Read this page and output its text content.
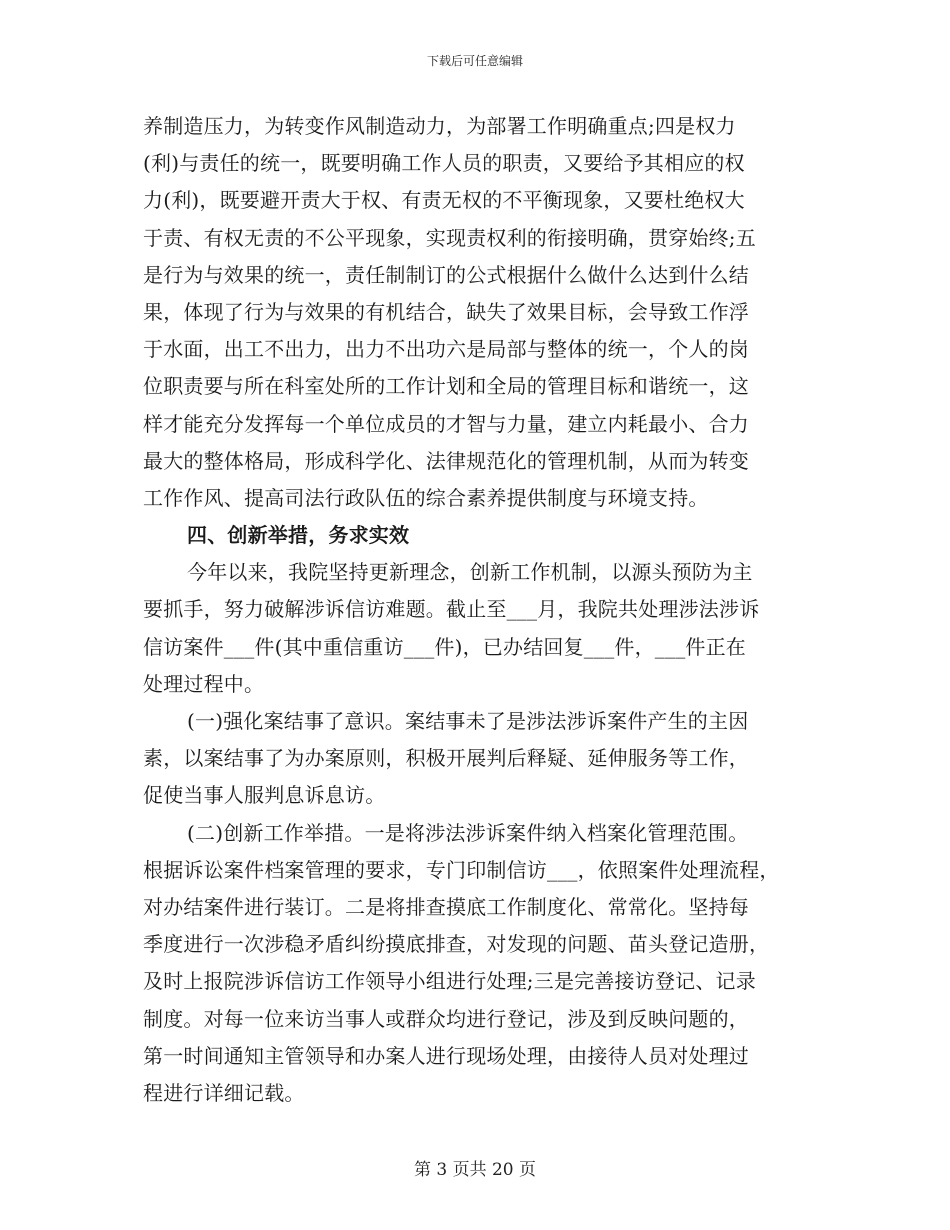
下载后可任意编辑
养制造压力，为转变作风制造动力，为部署工作明确重点;四是权力
(利)与责任的统一，既要明确工作人员的职责，又要给予其相应的权
力(利)，既要避开责大于权、有责无权的不平衡现象，又要杜绝权大
于责、有权无责的不公平现象，实现责权利的衔接明确，贯穿始终;五
是行为与效果的统一，责任制制订的公式根据什么做什么达到什么结
果，体现了行为与效果的有机结合，缺失了效果目标，会导致工作浮
于水面，出工不出力，出力不出功六是局部与整体的统一，个人的岗
位职责要与所在科室处所的工作计划和全局的管理目标和谐统一，这
样才能充分发挥每一个单位成员的才智与力量，建立内耗最小、合力
最大的整体格局，形成科学化、法律规范化的管理机制，从而为转变
工作作风、提高司法行政队伍的综合素养提供制度与环境支持。
四、创新举措，务求实效
今年以来，我院坚持更新理念，创新工作机制，以源头预防为主
要抓手，努力破解涉诉信访难题。截止至___月，我院共处理涉法涉诉
信访案件___件(其中重信重访___件)，已办结回复___件，___件正在
处理过程中。
(一)强化案结事了意识。案结事未了是涉法涉诉案件产生的主因
素，以案结事了为办案原则，积极开展判后释疑、延伸服务等工作，
促使当事人服判息诉息访。
(二)创新工作举措。一是将涉法涉诉案件纳入档案化管理范围。
根据诉讼案件档案管理的要求，专门印制信访___，依照案件处理流程，
对办结案件进行装订。二是将排查摸底工作制度化、常常化。坚持每
季度进行一次涉稳矛盾纠纷摸底排查，对发现的问题、苗头登记造册，
及时上报院涉诉信访工作领导小组进行处理;三是完善接访登记、记录
制度。对每一位来访当事人或群众均进行登记，涉及到反映问题的，
第一时间通知主管领导和办案人进行现场处理，由接待人员对处理过
程进行详细记载。
第 3 页共 20 页
